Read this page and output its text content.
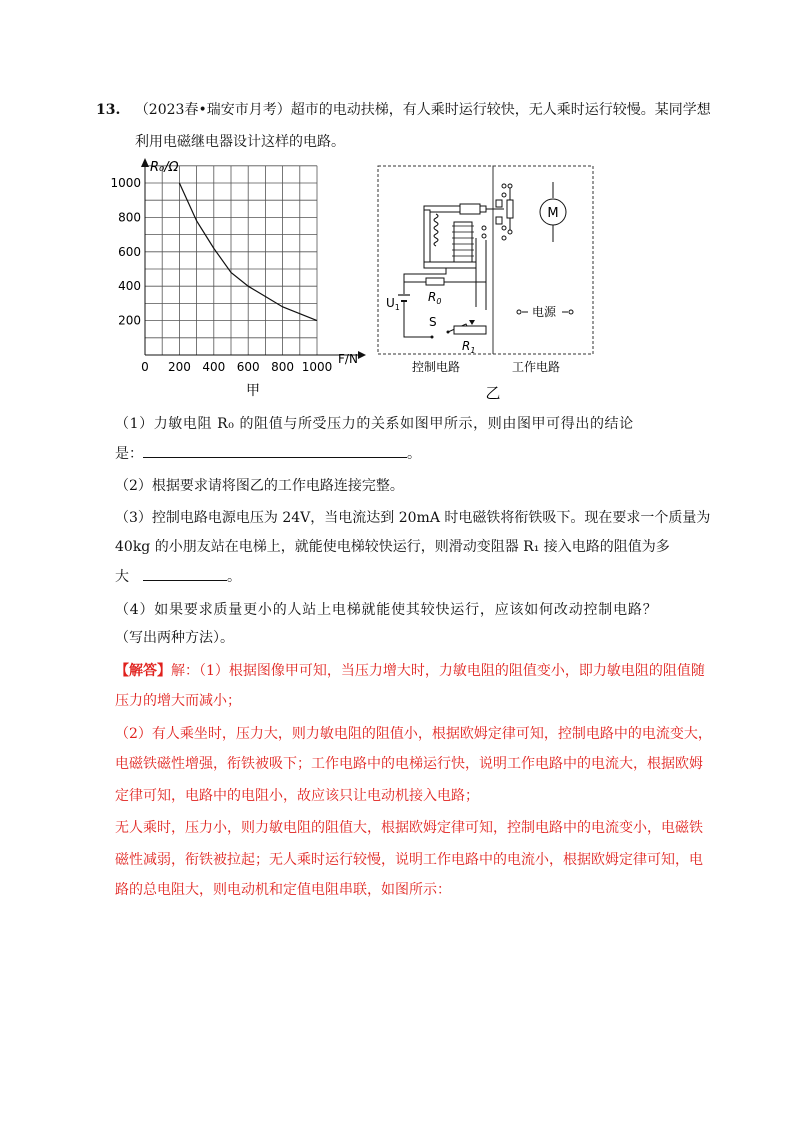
13. （2023春•瑞安市月考）超市的电动扶梯，有人乘时运行较快，无人乘时运行较慢。某同学想
利用电磁继电器设计这样的电路。
R₀/Ω
F/N
0 200 400 600 800 1000
200
400
600
800
1000
甲
M
$U_1$
$R_0$
S
$R_1$
电源
控制电路	工作电路
乙
（1）力敏电阻 R₀ 的阻值与所受压力的关系如图甲所示，则由图甲可得出的结论
是：	。
（2）根据要求请将图乙的工作电路连接完整。
（3）控制电路电源电压为 24V，当电流达到 20mA 时电磁铁将衔铁吸下。现在要求一个质量为
40kg 的小朋友站在电梯上，就能使电梯较快运行，则滑动变阻器 R₁ 接入电路的阻值为多
大	。
（4）如果要求质量更小的人站上电梯就能使其较快运行，应该如何改动控制电路？
（写出两种方法）。
【解答】解：（1）根据图像甲可知，当压力增大时，力敏电阻的阻值变小，即力敏电阻的阻值随
压力的增大而减小；
（2）有人乘坐时，压力大，则力敏电阻的阻值小，根据欧姆定律可知，控制电路中的电流变大，
电磁铁磁性增强，衔铁被吸下；工作电路中的电梯运行快，说明工作电路中的电流大，根据欧姆
定律可知，电路中的电阻小，故应该只让电动机接入电路；
无人乘时，压力小，则力敏电阻的阻值大，根据欧姆定律可知，控制电路中的电流变小，电磁铁
磁性减弱，衔铁被拉起；无人乘时运行较慢，说明工作电路中的电流小，根据欧姆定律可知，电
路的总电阻大，则电动机和定值电阻串联，如图所示：
